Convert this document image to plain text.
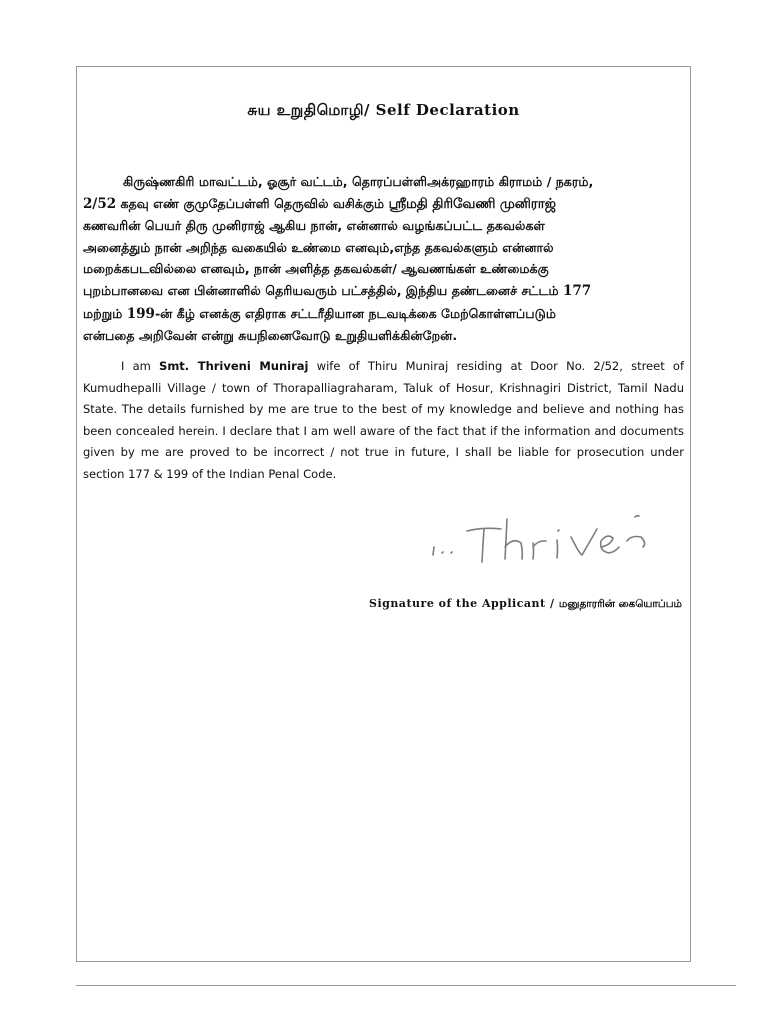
சுய உறுதிமொழி/ Self Declaration
கிருஷ்ணகிரி மாவட்டம், ஓசூர் வட்டம், தொரப்பள்ளிஅக்ரஹாரம் கிராமம் / நகரம்,
2/52 கதவு எண் குமுதேப்பள்ளி தெருவில் வசிக்கும் ஸ்ரீமதி திரிவேணி முனிராஜ்
கணவரின் பெயர் திரு முனிராஜ் ஆகிய நான், என்னால் வழங்கப்பட்ட தகவல்கள்
அனைத்தும் நான் அறிந்த வகையில் உண்மை எனவும்,எந்த தகவல்களும் என்னால்
மறைக்கபடவில்லை எனவும், நான் அளித்த தகவல்கள்/ ஆவணங்கள் உண்மைக்கு
புறம்பானவை என பின்னாளில் தெரியவரும் பட்சத்தில், இந்திய தண்டனைச் சட்டம் 177
மற்றும் 199-ன் கீழ் எனக்கு எதிராக சட்டரீதியான நடவடிக்கை மேற்கொள்ளப்படும்
என்பதை அறிவேன் என்று சுயநினைவோடு உறுதியளிக்கின்றேன்.
I am Smt. Thriveni Muniraj wife of Thiru Muniraj residing at Door No. 2/52, street of Kumudhepalli Village / town of Thorapalliagraharam, Taluk of Hosur, Krishnagiri District, Tamil Nadu State. The details furnished by me are true to the best of my knowledge and believe and nothing has been concealed herein. I declare that I am well aware of the fact that if the information and documents given by me are proved to be incorrect / not true in future, I shall be liable for prosecution under section 177 & 199 of the Indian Penal Code.
Signature of the Applicant / மனுதாரரின் கையொப்பம்
